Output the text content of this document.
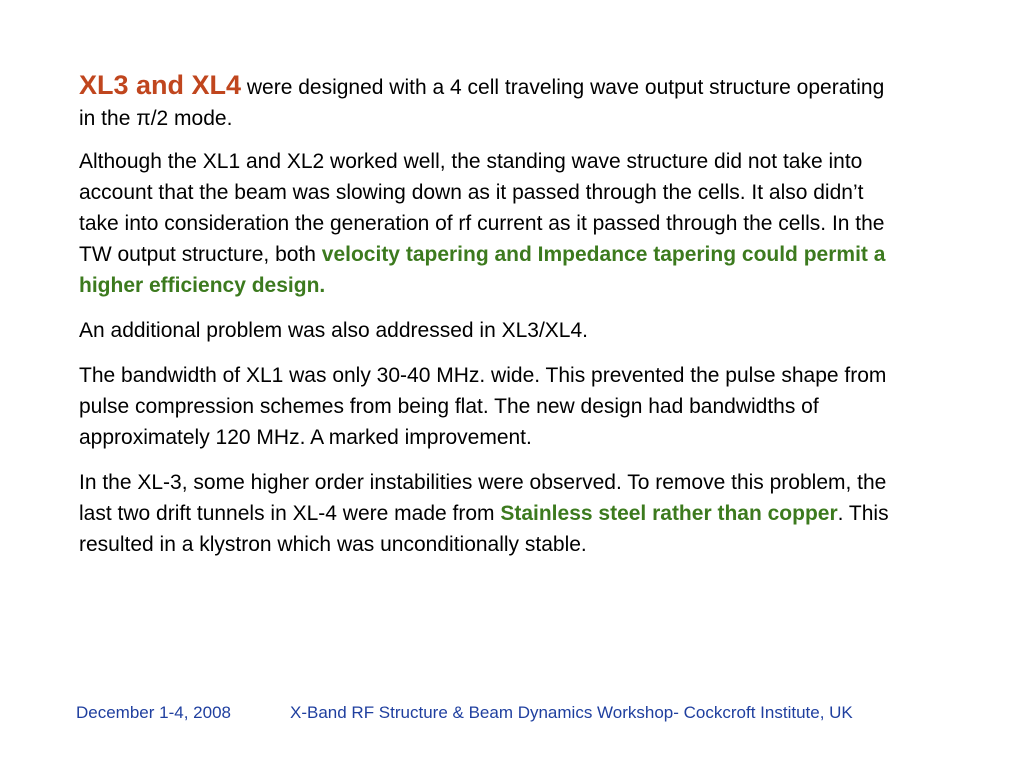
XL3 and XL4 were designed with a 4 cell traveling wave output structure operating in the π/2 mode.

Although the XL1 and XL2 worked well, the standing wave structure did not take into account that the beam was slowing down as it passed through the cells. It also didn’t take into consideration the generation of rf current as it passed through the cells. In the TW output structure, both velocity tapering and Impedance tapering could permit a higher efficiency design.

An additional problem was also addressed in XL3/XL4.

The bandwidth of XL1 was only 30-40 MHz. wide. This prevented the pulse shape from pulse compression schemes from being flat. The new design had bandwidths of approximately 120 MHz. A marked improvement.

In the XL-3, some higher order instabilities were observed. To remove this problem, the last two drift tunnels in XL-4 were made from Stainless steel rather than copper. This resulted in a klystron which was unconditionally stable.

December 1-4, 2008	X-Band RF Structure & Beam Dynamics Workshop- Cockcroft Institute, UK
